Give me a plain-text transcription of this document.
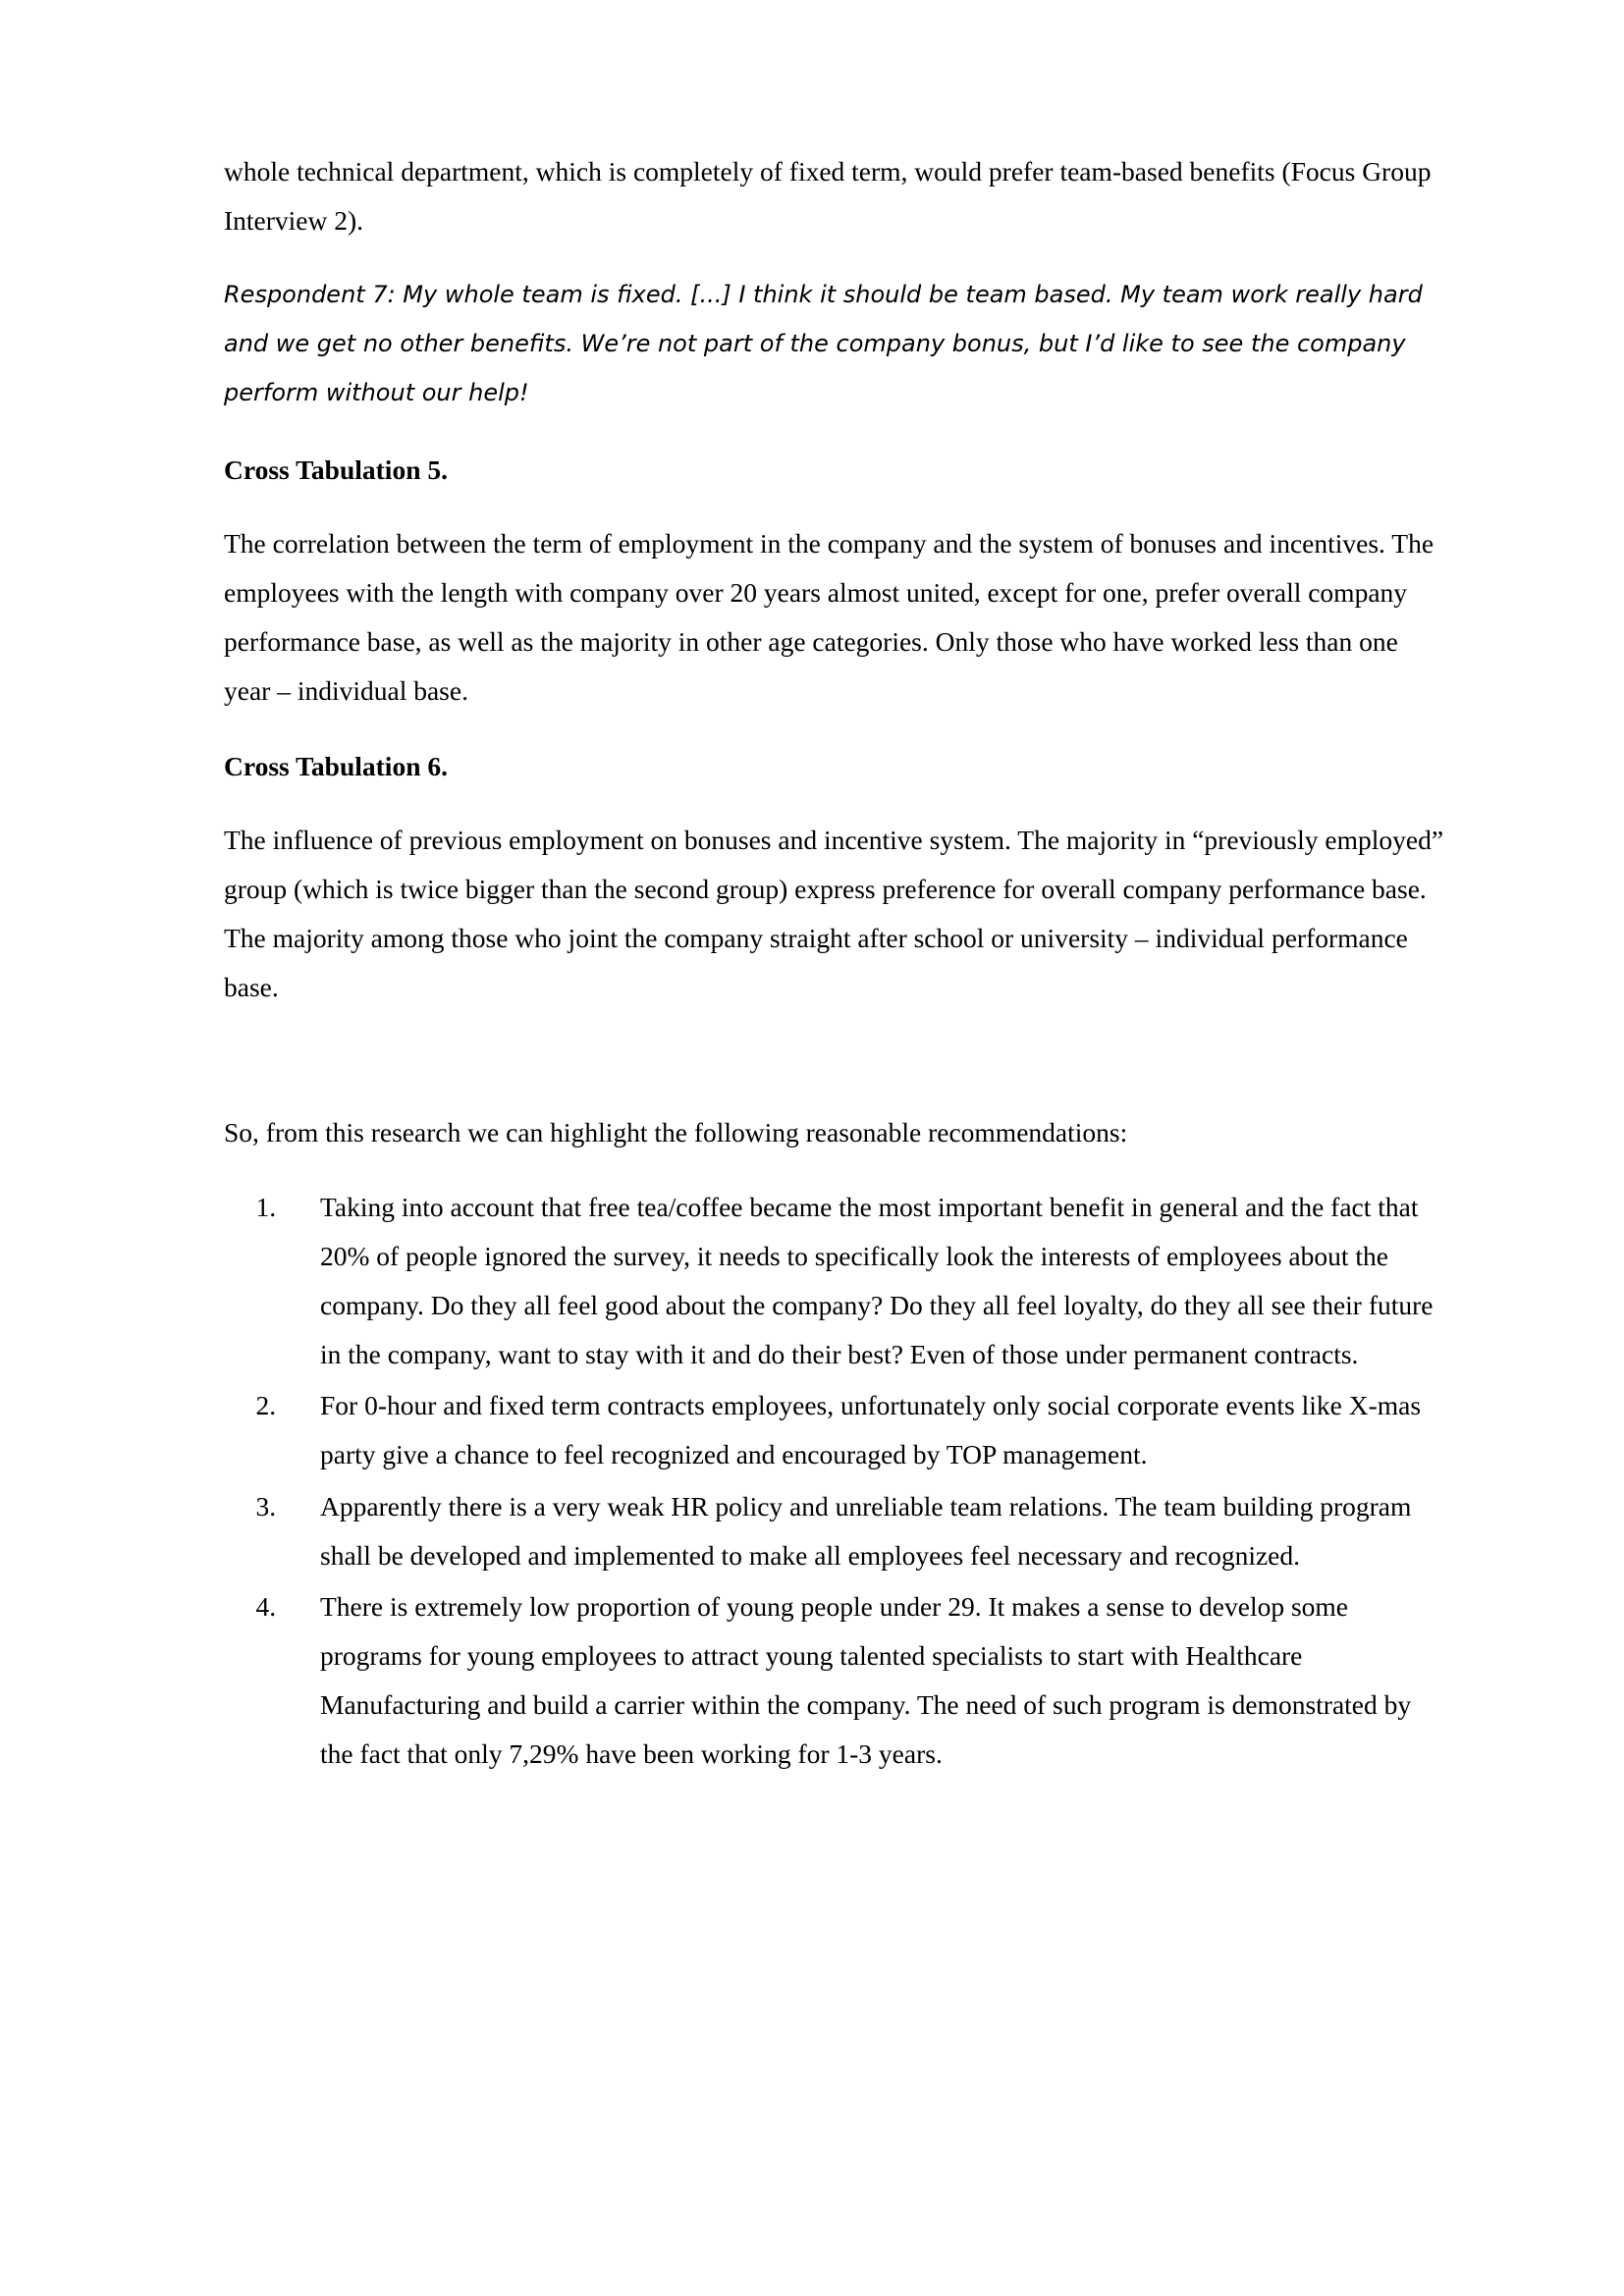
whole technical department, which is completely of fixed term, would prefer team-based benefits (Focus Group Interview 2).

Respondent 7: My whole team is fixed. [...] I think it should be team based. My team work really hard and we get no other benefits. We’re not part of the company bonus, but I’d like to see the company perform without our help!

Cross Tabulation 5.

The correlation between the term of employment in the company and the system of bonuses and incentives. The employees with the length with company over 20 years almost united, except for one, prefer overall company performance base, as well as the majority in other age categories. Only those who have worked less than one year – individual base.

Cross Tabulation 6.

The influence of previous employment on bonuses and incentive system. The majority in “previously employed” group (which is twice bigger than the second group) express preference for overall company performance base. The majority among those who joint the company straight after school or university – individual performance base.

So, from this research we can highlight the following reasonable recommendations:

1. Taking into account that free tea/coffee became the most important benefit in general and the fact that 20% of people ignored the survey, it needs to specifically look the interests of employees about the company. Do they all feel good about the company? Do they all feel loyalty, do they all see their future in the company, want to stay with it and do their best? Even of those under permanent contracts.
2. For 0-hour and fixed term contracts employees, unfortunately only social corporate events like X-mas party give a chance to feel recognized and encouraged by TOP management.
3. Apparently there is a very weak HR policy and unreliable team relations. The team building program shall be developed and implemented to make all employees feel necessary and recognized.
4. There is extremely low proportion of young people under 29. It makes a sense to develop some programs for young employees to attract young talented specialists to start with Healthcare Manufacturing and build a carrier within the company. The need of such program is demonstrated by the fact that only 7,29% have been working for 1-3 years.
